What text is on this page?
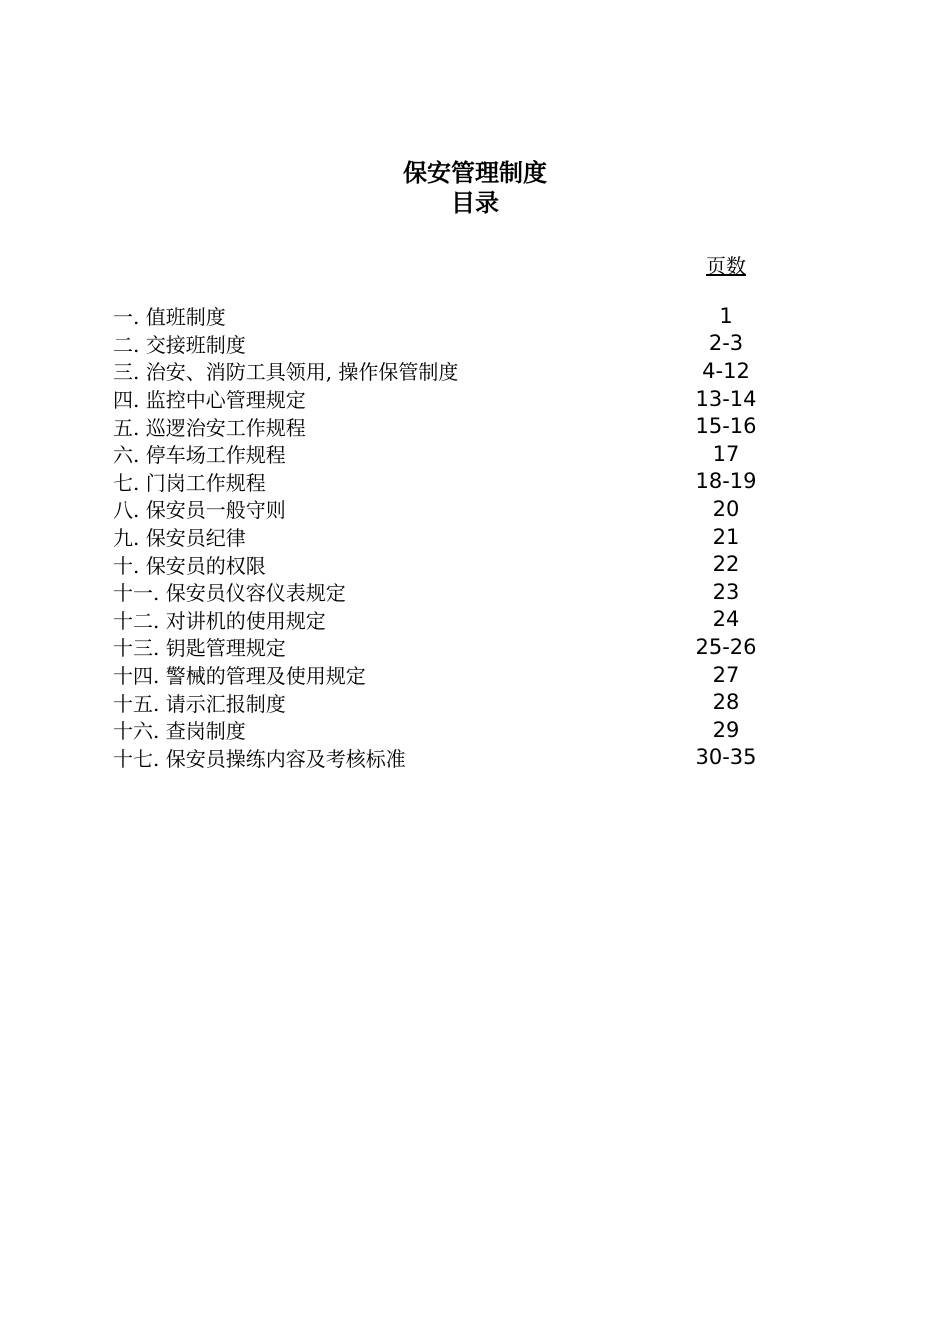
保安管理制度
目录
页数
一. 值班制度	1
二. 交接班制度	2-3
三. 治安、消防工具领用, 操作保管制度	4-12
四. 监控中心管理规定	13-14
五. 巡逻治安工作规程	15-16
六. 停车场工作规程	17
七. 门岗工作规程	18-19
八. 保安员一般守则	20
九. 保安员纪律	21
十. 保安员的权限	22
十一. 保安员仪容仪表规定	23
十二. 对讲机的使用规定	24
十三. 钥匙管理规定	25-26
十四. 警械的管理及使用规定	27
十五. 请示汇报制度	28
十六. 查岗制度	29
十七. 保安员操练内容及考核标准	30-35
